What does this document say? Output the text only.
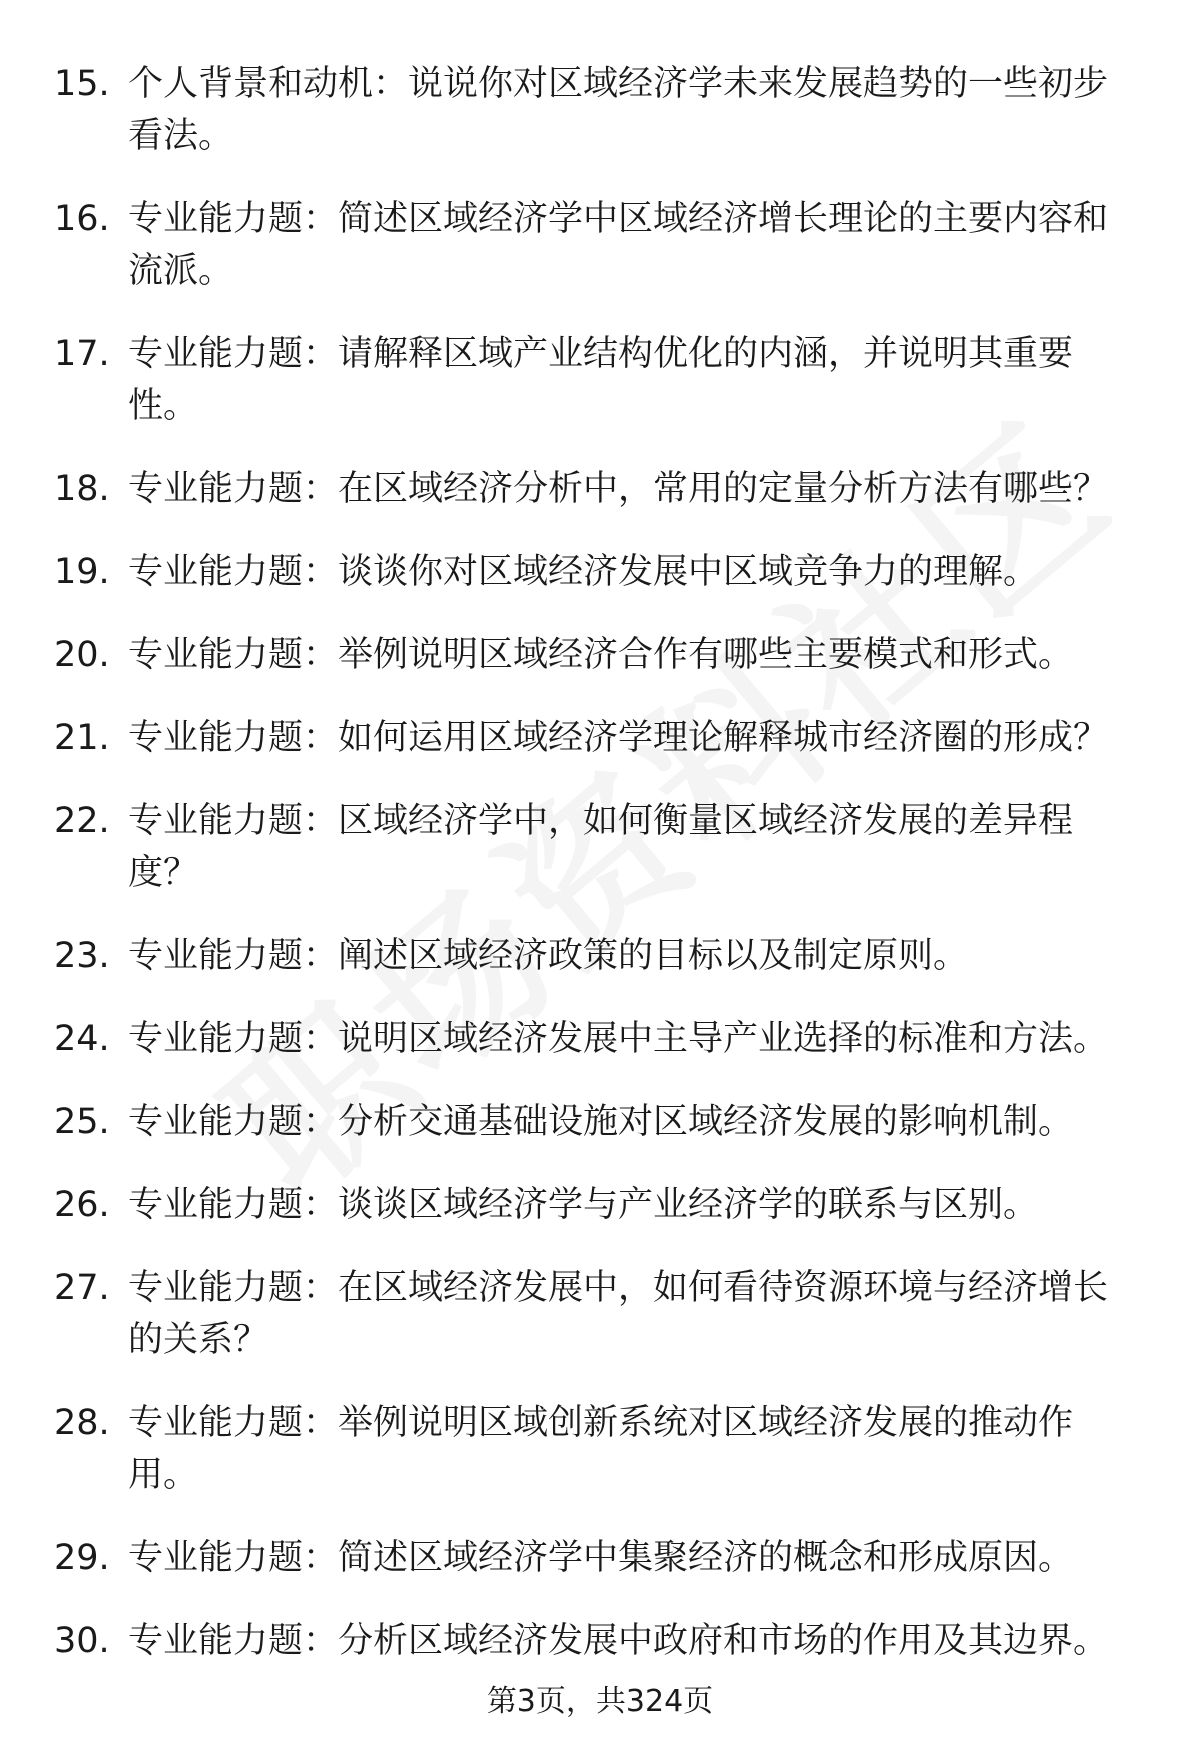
15. 个人背景和动机：说说你对区域经济学未来发展趋势的一些初步看法。
16. 专业能力题：简述区域经济学中区域经济增长理论的主要内容和流派。
17. 专业能力题：请解释区域产业结构优化的内涵，并说明其重要性。
18. 专业能力题：在区域经济分析中，常用的定量分析方法有哪些？
19. 专业能力题：谈谈你对区域经济发展中区域竞争力的理解。
20. 专业能力题：举例说明区域经济合作有哪些主要模式和形式。
21. 专业能力题：如何运用区域经济学理论解释城市经济圈的形成？
22. 专业能力题：区域经济学中，如何衡量区域经济发展的差异程度？
23. 专业能力题：阐述区域经济政策的目标以及制定原则。
24. 专业能力题：说明区域经济发展中主导产业选择的标准和方法。
25. 专业能力题：分析交通基础设施对区域经济发展的影响机制。
26. 专业能力题：谈谈区域经济学与产业经济学的联系与区别。
27. 专业能力题：在区域经济发展中，如何看待资源环境与经济增长的关系？
28. 专业能力题：举例说明区域创新系统对区域经济发展的推动作用。
29. 专业能力题：简述区域经济学中集聚经济的概念和形成原因。
30. 专业能力题：分析区域经济发展中政府和市场的作用及其边界。
第3页，共324页
